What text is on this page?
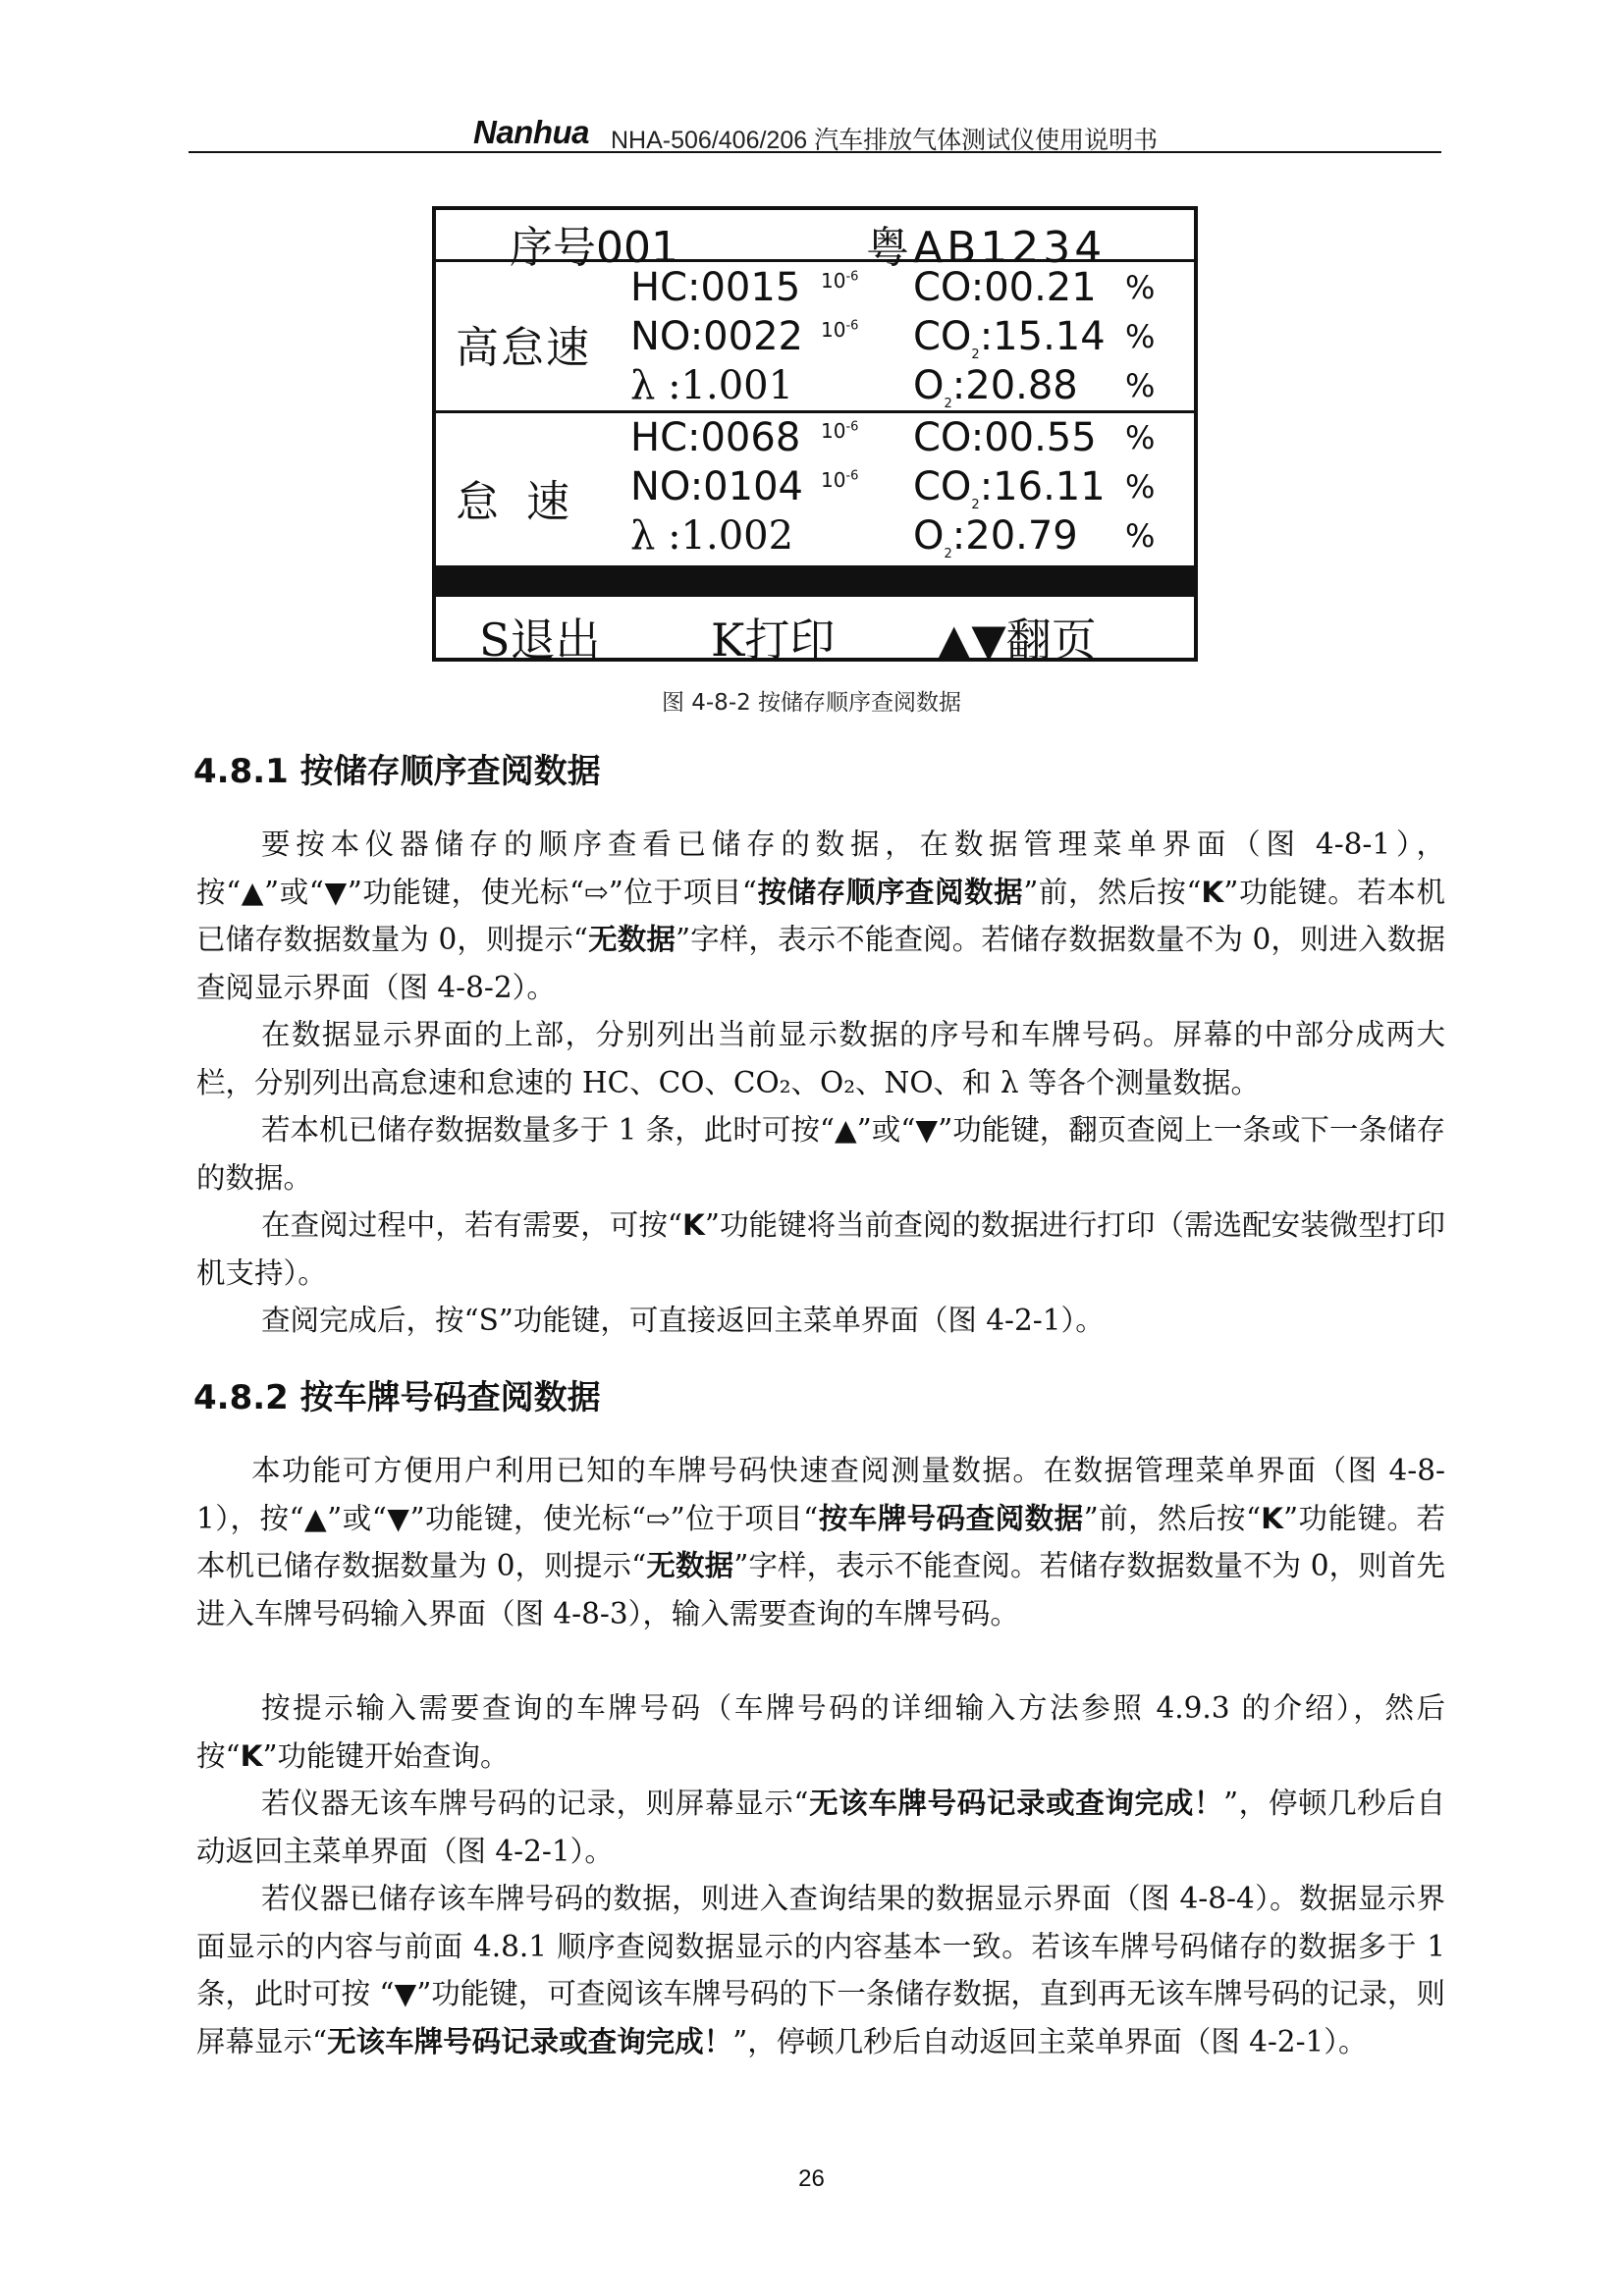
Nanhua NHA-506/406/206 汽车排放气体测试仪使用说明书
序号001	粤AB1234
高怠速
HC:0015 $10^{-6}$ CO:00.21 %
NO:0022 $10^{-6}$ $CO_2:15.14$ %
λ :1.001	$O_2:20.88$ %
怠速
HC:0068 $10^{-6}$ CO:00.55 %
NO:0104 $10^{-6}$ $CO_2:16.11$ %
λ :1.002	$O_2:20.79$ %
S退出 K打印 ▲▼翻页
图 4-8-2 按储存顺序查阅数据
4.8.1 按储存顺序查阅数据

要按本仪器储存的顺序查看已储存的数据，在数据管理菜单界面（图 4-8-1），按“▲”或“▼”功能键，使光标“⇨”位于项目“按储存顺序查阅数据”前，然后按“K”功能键。若本机已储存数据数量为 0，则提示“无数据”字样，表示不能查阅。若储存数据数量不为 0，则进入数据查阅显示界面（图 4-8-2）。

在数据显示界面的上部，分别列出当前显示数据的序号和车牌号码。屏幕的中部分成两大栏，分别列出高怠速和怠速的 HC、CO、CO₂、O₂、NO、和 λ 等各个测量数据。

若本机已储存数据数量多于 1 条，此时可按“▲”或“▼”功能键，翻页查阅上一条或下一条储存的数据。

在查阅过程中，若有需要，可按“K”功能键将当前查阅的数据进行打印（需选配安装微型打印机支持）。

查阅完成后，按“S”功能键，可直接返回主菜单界面（图 4-2-1）。

4.8.2 按车牌号码查阅数据

本功能可方便用户利用已知的车牌号码快速查阅测量数据。在数据管理菜单界面（图 4-8-1），按“▲”或“▼”功能键，使光标“⇨”位于项目“按车牌号码查阅数据”前，然后按“K”功能键。若本机已储存数据数量为 0，则提示“无数据”字样，表示不能查阅。若储存数据数量不为 0，则首先进入车牌号码输入界面（图 4-8-3），输入需要查询的车牌号码。

按提示输入需要查询的车牌号码（车牌号码的详细输入方法参照 4.9.3 的介绍），然后按“K”功能键开始查询。

若仪器无该车牌号码的记录，则屏幕显示“无该车牌号码记录或查询完成！”，停顿几秒后自动返回主菜单界面（图 4-2-1）。

若仪器已储存该车牌号码的数据，则进入查询结果的数据显示界面（图 4-8-4）。数据显示界面显示的内容与前面 4.8.1 顺序查阅数据显示的内容基本一致。若该车牌号码储存的数据多于 1 条，此时可按 “▼”功能键，可查阅该车牌号码的下一条储存数据，直到再无该车牌号码的记录，则屏幕显示“无该车牌号码记录或查询完成！”，停顿几秒后自动返回主菜单界面（图 4-2-1）。

26
